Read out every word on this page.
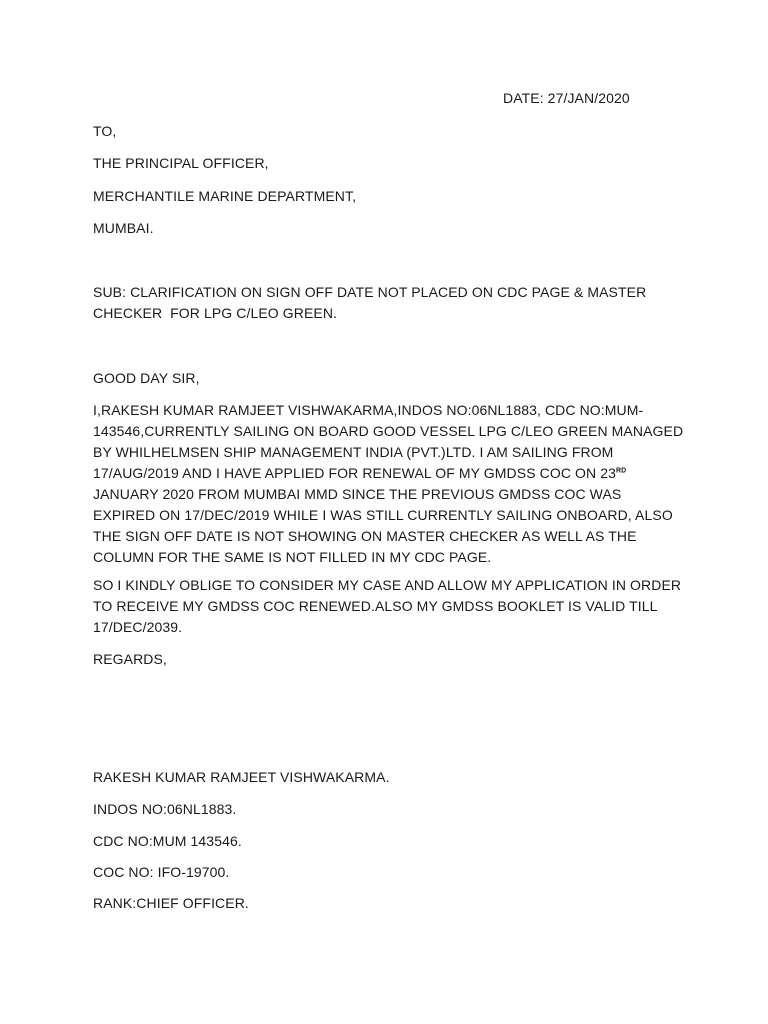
DATE: 27/JAN/2020
TO,
THE PRINCIPAL OFFICER,
MERCHANTILE MARINE DEPARTMENT,
MUMBAI.
SUB: CLARIFICATION ON SIGN OFF DATE NOT PLACED ON CDC PAGE & MASTER
CHECKER  FOR LPG C/LEO GREEN.
GOOD DAY SIR,
I,RAKESH KUMAR RAMJEET VISHWAKARMA,INDOS NO:06NL1883, CDC NO:MUM-
143546,CURRENTLY SAILING ON BOARD GOOD VESSEL LPG C/LEO GREEN MANAGED
BY WHILHELMSEN SHIP MANAGEMENT INDIA (PVT.)LTD. I AM SAILING FROM
17/AUG/2019 AND I HAVE APPLIED FOR RENEWAL OF MY GMDSS COC ON 23RD
JANUARY 2020 FROM MUMBAI MMD SINCE THE PREVIOUS GMDSS COC WAS
EXPIRED ON 17/DEC/2019 WHILE I WAS STILL CURRENTLY SAILING ONBOARD, ALSO
THE SIGN OFF DATE IS NOT SHOWING ON MASTER CHECKER AS WELL AS THE
COLUMN FOR THE SAME IS NOT FILLED IN MY CDC PAGE.
SO I KINDLY OBLIGE TO CONSIDER MY CASE AND ALLOW MY APPLICATION IN ORDER
TO RECEIVE MY GMDSS COC RENEWED.ALSO MY GMDSS BOOKLET IS VALID TILL
17/DEC/2039.
REGARDS,
RAKESH KUMAR RAMJEET VISHWAKARMA.
INDOS NO:06NL1883.
CDC NO:MUM 143546.
COC NO: IFO-19700.
RANK:CHIEF OFFICER.
